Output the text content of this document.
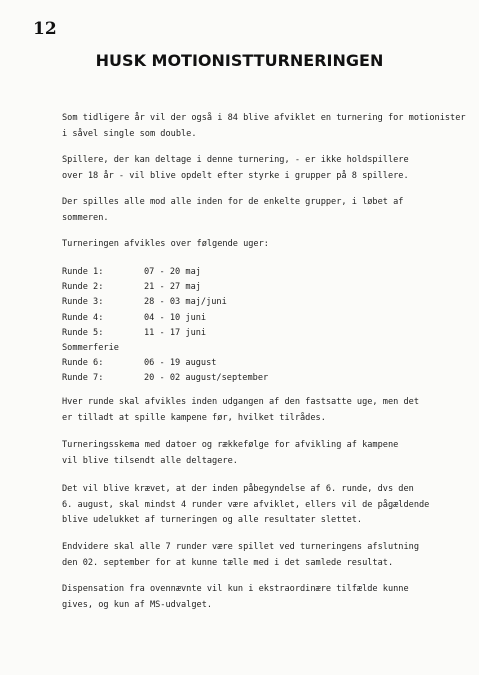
12
HUSK MOTIONISTTURNERINGEN
Som tidligere år vil der også i 84 blive afviklet en turnering for motionister
i såvel single som double.
Spillere, der kan deltage i denne turnering, - er ikke holdspillere
over 18 år - vil blive opdelt efter styrke i grupper på 8 spillere.
Der spilles alle mod alle inden for de enkelte grupper, i løbet af
sommeren.
Turneringen afvikles over følgende uger:
Runde 1:	07 - 20 maj
Runde 2:	21 - 27 maj
Runde 3:	28 - 03 maj/juni
Runde 4:	04 - 10 juni
Runde 5:	11 - 17 juni
Sommerferie
Runde 6:	06 - 19 august
Runde 7:	20 - 02 august/september
Hver runde skal afvikles inden udgangen af den fastsatte uge, men det
er tilladt at spille kampene før, hvilket tilrådes.
Turneringsskema med datoer og rækkefølge for afvikling af kampene
vil blive tilsendt alle deltagere.
Det vil blive krævet, at der inden påbegyndelse af 6. runde, dvs den
6. august, skal mindst 4 runder være afviklet, ellers vil de pågældende
blive udelukket af turneringen og alle resultater slettet.
Endvidere skal alle 7 runder være spillet ved turneringens afslutning
den 02. september for at kunne tælle med i det samlede resultat.
Dispensation fra ovennævnte vil kun i ekstraordinære tilfælde kunne
gives, og kun af MS-udvalget.
